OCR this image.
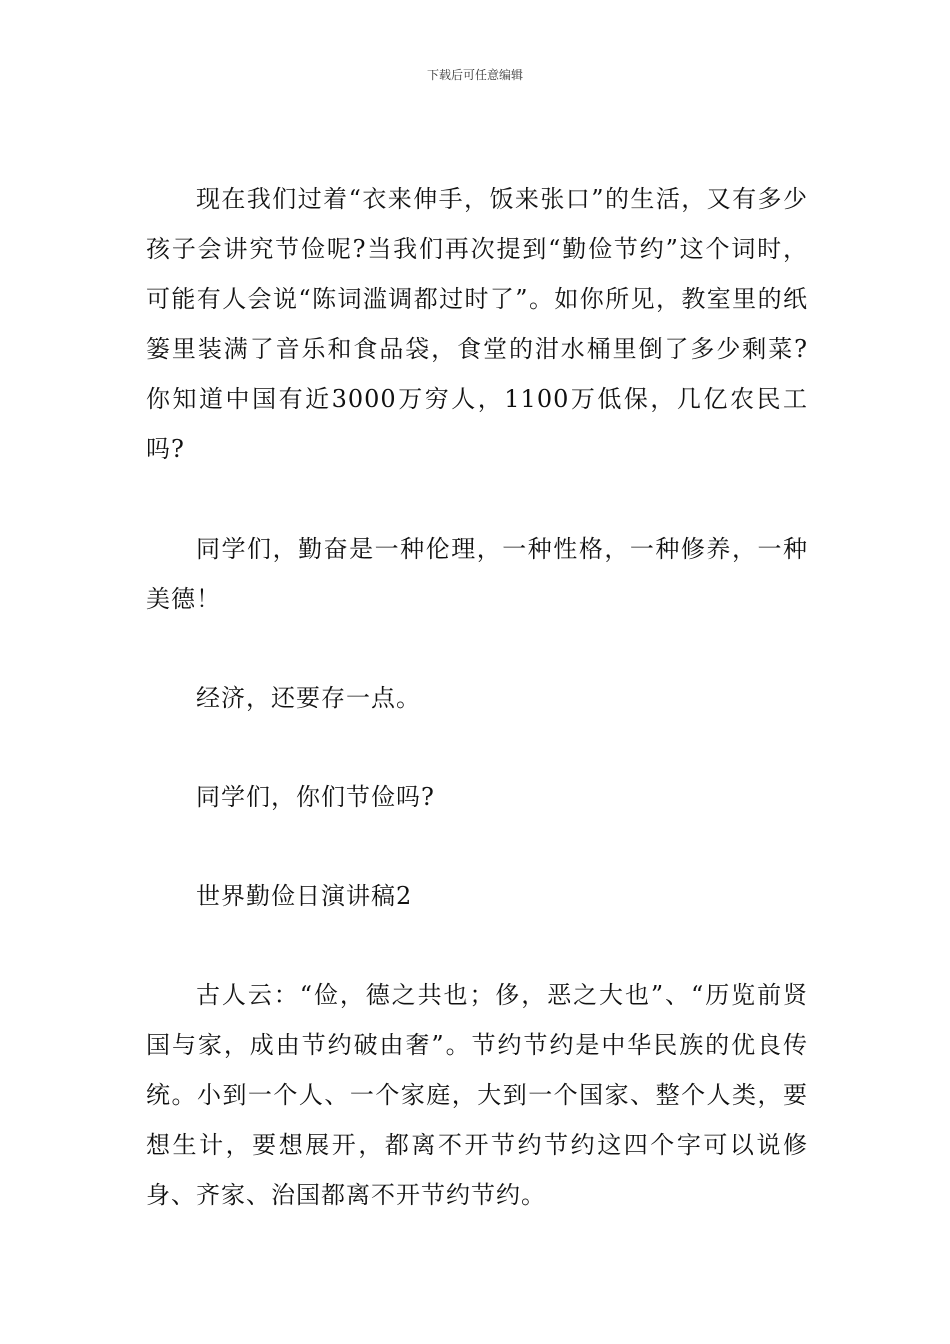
下载后可任意编辑

现在我们过着“衣来伸手，饭来张口”的生活，又有多少孩子会讲究节俭呢?当我们再次提到“勤俭节约”这个词时，可能有人会说“陈词滥调都过时了”。如你所见，教室里的纸篓里装满了音乐和食品袋，食堂的泔水桶里倒了多少剩菜?你知道中国有近3000万穷人，1100万低保，几亿农民工吗?

同学们，勤奋是一种伦理，一种性格，一种修养，一种美德！

经济，还要存一点。

同学们，你们节俭吗?

世界勤俭日演讲稿2

古人云：“俭，德之共也；侈，恶之大也”、“历览前贤国与家，成由节约破由奢”。节约节约是中华民族的优良传统。小到一个人、一个家庭，大到一个国家、整个人类，要想生计，要想展开，都离不开节约节约这四个字可以说修身、齐家、治国都离不开节约节约。
